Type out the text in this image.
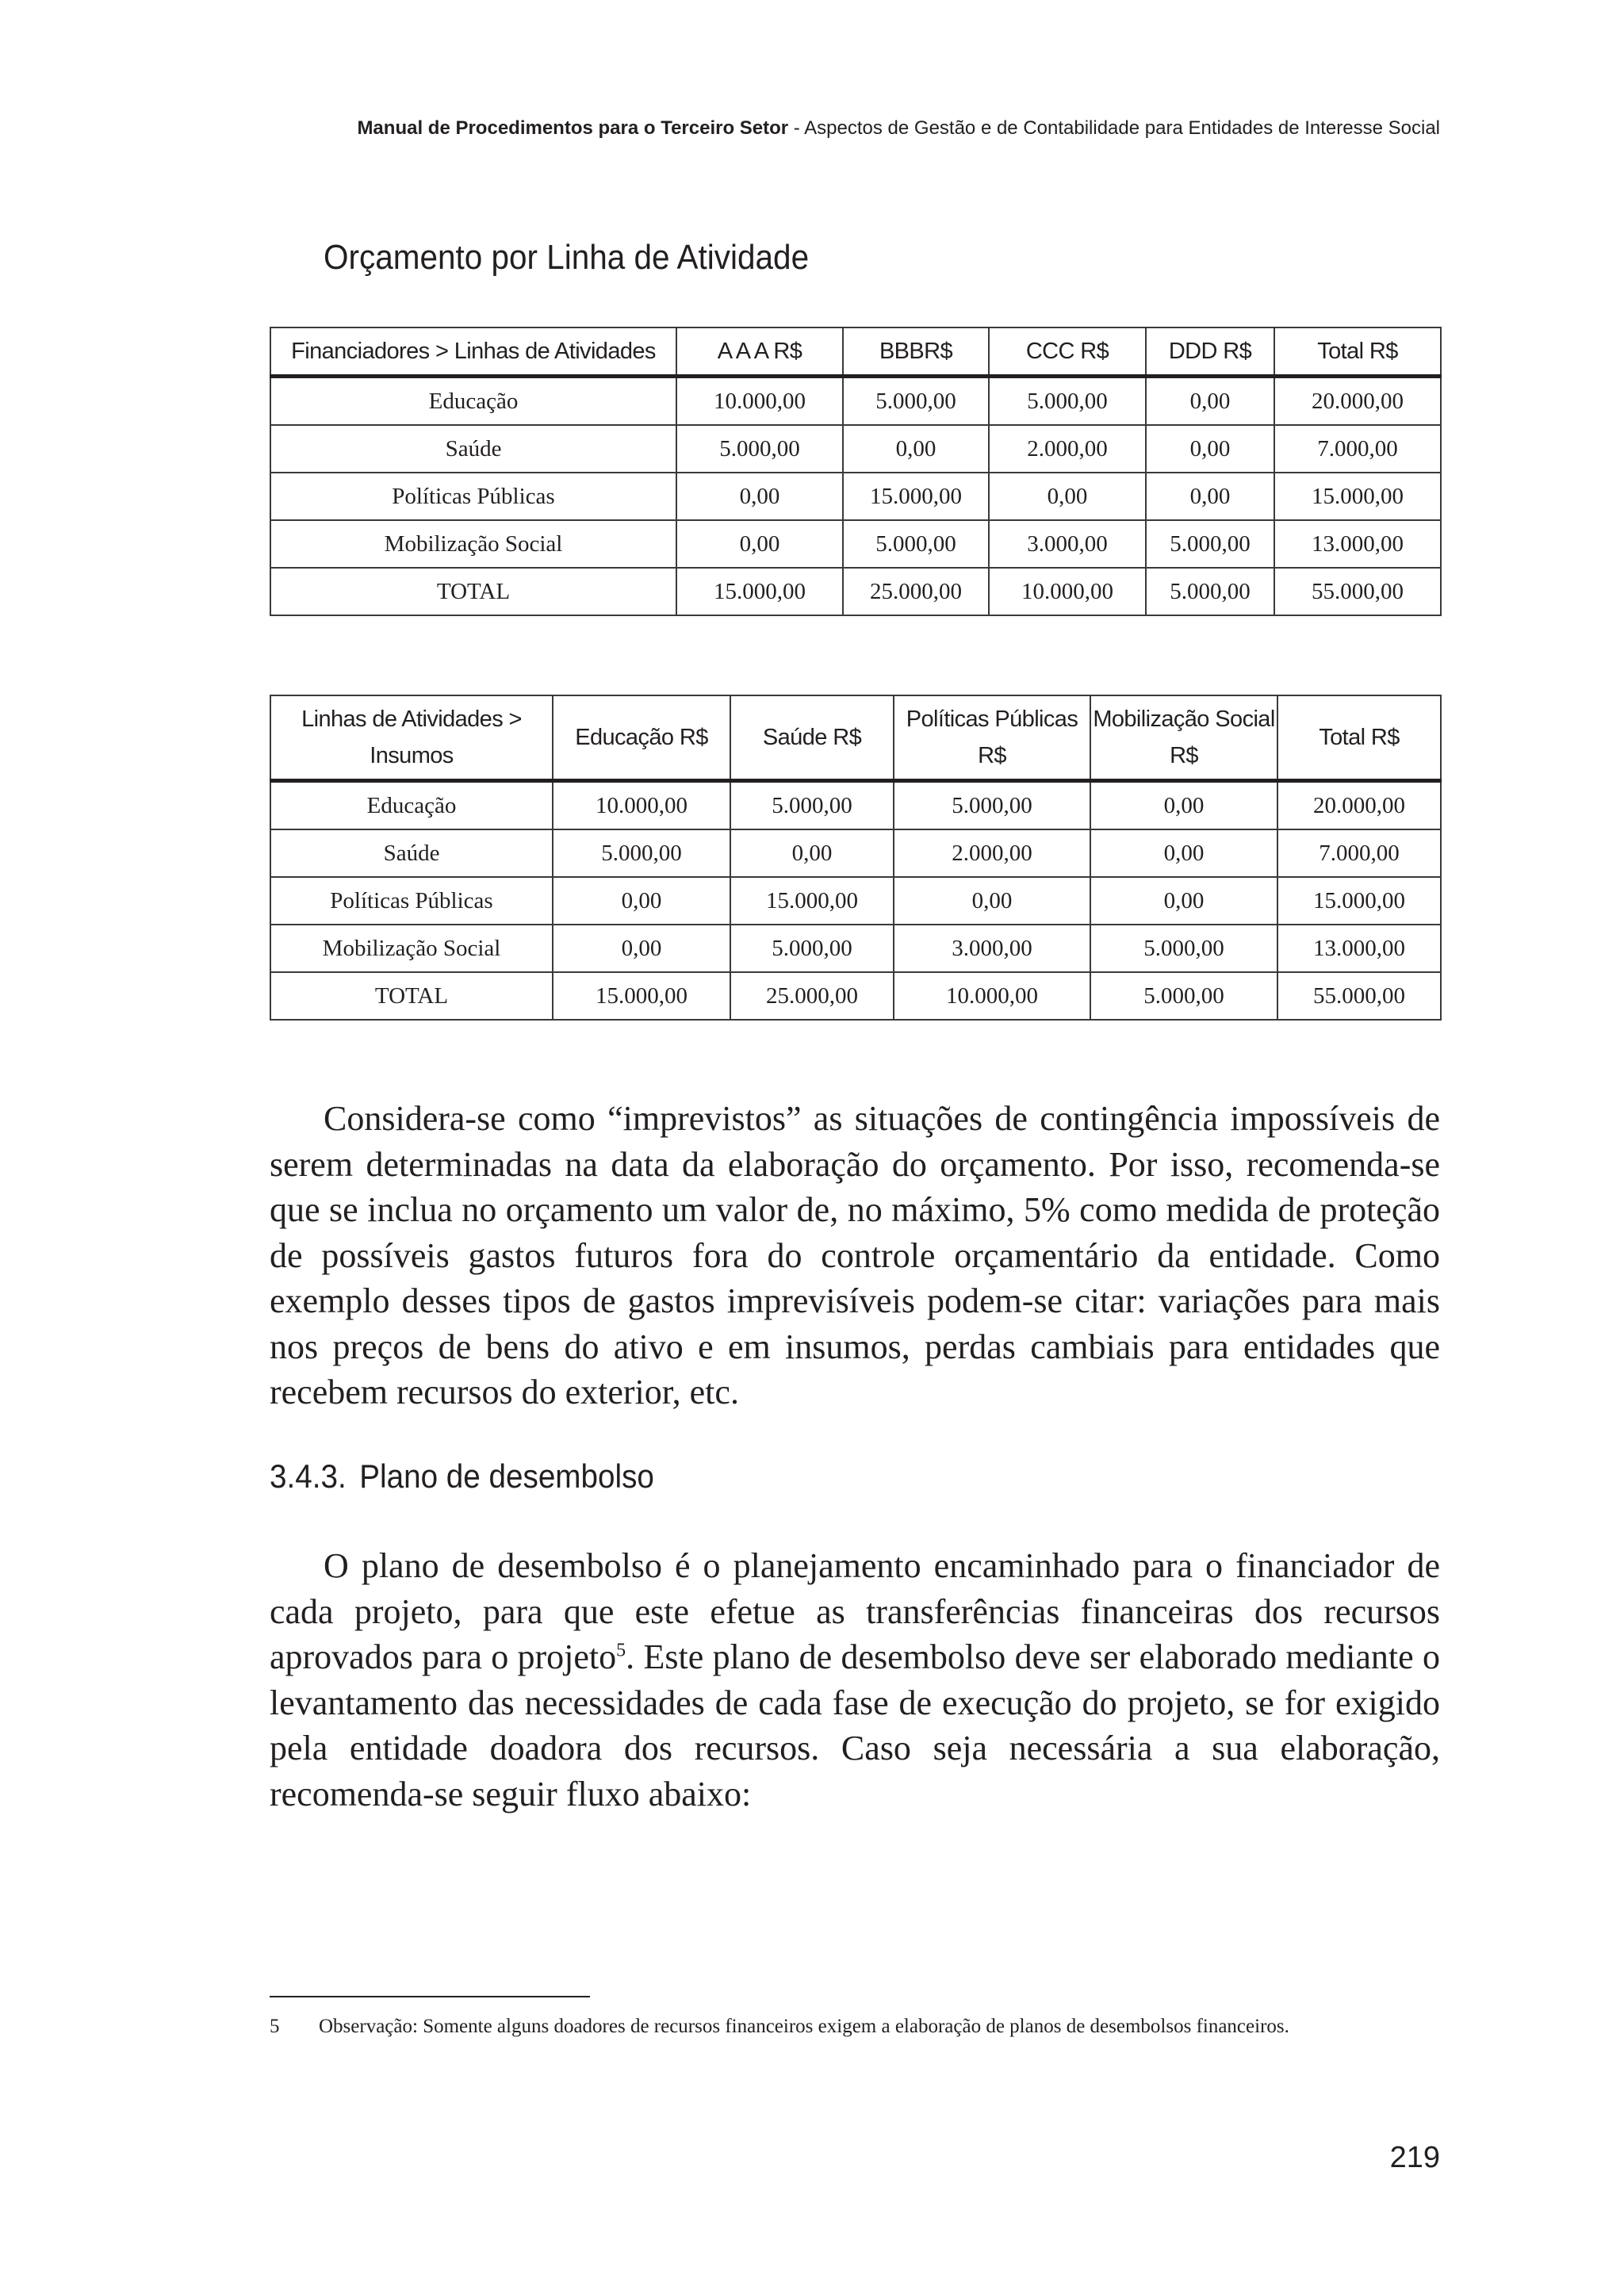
Manual de Procedimentos para o Terceiro Setor - Aspectos de Gestão e de Contabilidade para Entidades de Interesse Social
Orçamento por Linha de Atividade
Financiadores > Linhas de Atividades	A A A R$	BBBR$	CCC R$	DDD R$	Total R$
Educação	10.000,00	5.000,00	5.000,00	0,00	20.000,00
Saúde	5.000,00	0,00	2.000,00	0,00	7.000,00
Políticas Públicas	0,00	15.000,00	0,00	0,00	15.000,00
Mobilização Social	0,00	5.000,00	3.000,00	5.000,00	13.000,00
TOTAL	15.000,00	25.000,00	10.000,00	5.000,00	55.000,00
Linhas de Atividades > Insumos	Educação R$	Saúde R$	Políticas Públicas R$	Mobilização Social R$	Total R$
Educação	10.000,00	5.000,00	5.000,00	0,00	20.000,00
Saúde	5.000,00	0,00	2.000,00	0,00	7.000,00
Políticas Públicas	0,00	15.000,00	0,00	0,00	15.000,00
Mobilização Social	0,00	5.000,00	3.000,00	5.000,00	13.000,00
TOTAL	15.000,00	25.000,00	10.000,00	5.000,00	55.000,00

Considera-se como “imprevistos” as situações de contingência impossíveis de serem determinadas na data da elaboração do orçamento. Por isso, recomenda-se que se inclua no orçamento um valor de, no máximo, 5% como medida de proteção de possíveis gastos futuros fora do controle orçamentário da entidade. Como exemplo desses tipos de gastos imprevisíveis podem-se citar: variações para mais nos preços de bens do ativo e em insumos, perdas cambiais para entidades que recebem recursos do exterior, etc.

3.4.3. Plano de desembolso

O plano de desembolso é o planejamento encaminhado para o financiador de cada projeto, para que este efetue as transferências financeiras dos recursos aprovados para o projeto$^5$. Este plano de desembolso deve ser elaborado mediante o levantamento das necessidades de cada fase de execução do projeto, se for exigido pela entidade doadora dos recursos. Caso seja necessária a sua elaboração, recomenda-se seguir fluxo abaixo:

5 Observação: Somente alguns doadores de recursos financeiros exigem a elaboração de planos de desembolsos financeiros.
219
